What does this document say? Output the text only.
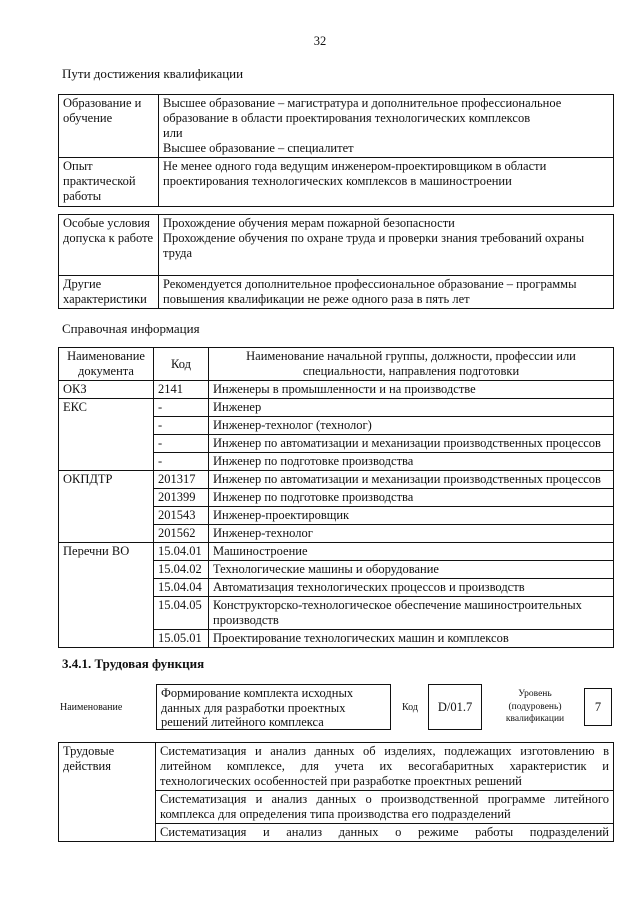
32
Пути достижения квалификации
Образование и обучение	Высшее образование – магистратура и дополнительное профессиональное
образование в области проектирования технологических комплексов
или
Высшее образование – специалитет

Опыт практической работы	Не менее одного года ведущим инженером-проектировщиком в области
проектирования технологических комплексов в машиностроении
Особые условия допуска к работе	Прохождение обучения мерам пожарной безопасности
Прохождение обучения по охране труда и проверки знания требований охраны
труда

Другие характеристики	Рекомендуется дополнительное профессиональное образование – программы
повышения квалификации не реже одного раза в пять лет
Справочная информация
Наименование документа	Код	Наименование начальной группы, должности, профессии или специальности, направления подготовки
ОКЗ	2141	Инженеры в промышленности и на производстве
ЕКС	-	Инженер
	-	Инженер-технолог (технолог)
	-	Инженер по автоматизации и механизации производственных процессов
	-	Инженер по подготовке производства
ОКПДТР	201317	Инженер по автоматизации и механизации производственных процессов
	201399	Инженер по подготовке производства
	201543	Инженер-проектировщик
	201562	Инженер-технолог
Перечни ВО	15.04.01	Машиностроение
	15.04.02	Технологические машины и оборудование
	15.04.04	Автоматизация технологических процессов и производств
	15.04.05	Конструкторско-технологическое обеспечение машиностроительных производств
	15.05.01	Проектирование технологических машин и комплексов
3.4.1. Трудовая функция
Наименование
Формирование комплекта исходных данных для разработки проектных решений литейного комплекса
Код D/01.7
Уровень (подуровень) квалификации
7
Трудовые действия	
Систематизация и анализ данных об изделиях, подлежащих изготовлению в
литейном комплексе, для учета их весогабаритных характеристик и
технологических особенностей при разработке проектных решений

Систематизация и анализ данных о производственной программе литейного
комплекса для определения типа производства его подразделений

Систематизация и анализ данных о режиме работы подразделений
